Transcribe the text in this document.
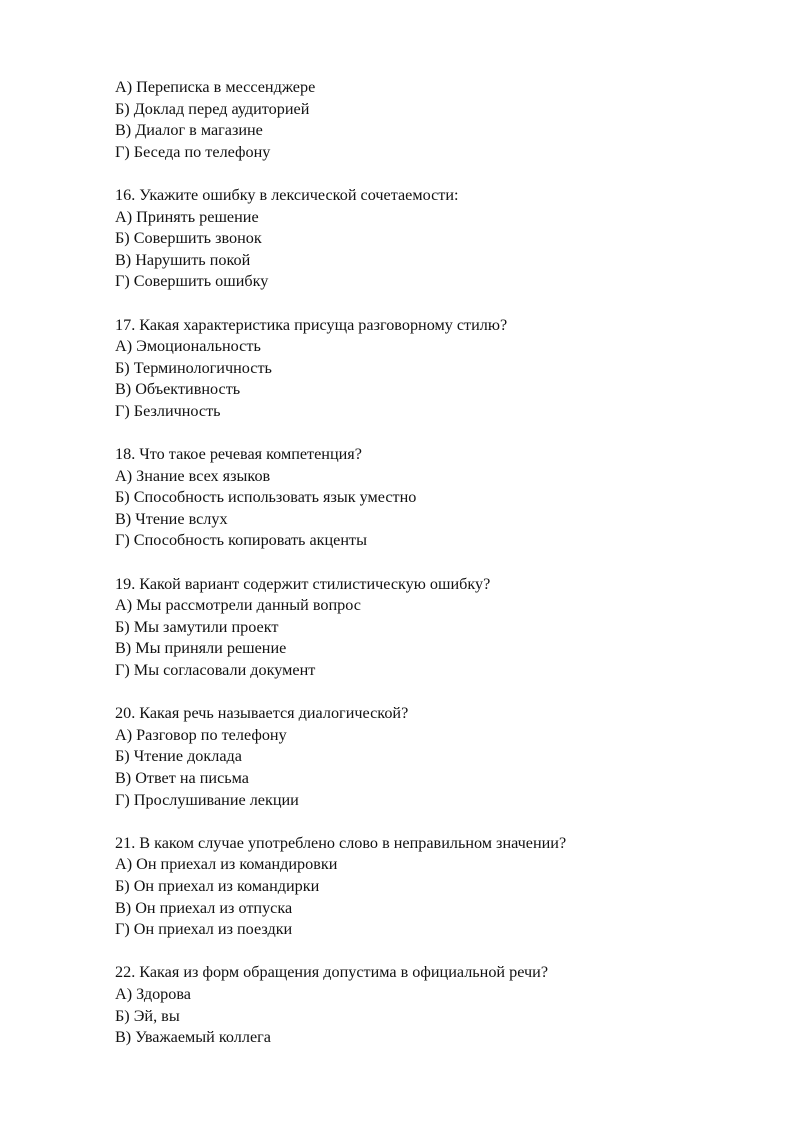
А) Переписка в мессенджере
Б) Доклад перед аудиторией
В) Диалог в магазине
Г) Беседа по телефону
16. Укажите ошибку в лексической сочетаемости:
А) Принять решение
Б) Совершить звонок
В) Нарушить покой
Г) Совершить ошибку
17. Какая характеристика присуща разговорному стилю?
А) Эмоциональность
Б) Терминологичность
В) Объективность
Г) Безличность
18. Что такое речевая компетенция?
А) Знание всех языков
Б) Способность использовать язык уместно
В) Чтение вслух
Г) Способность копировать акценты
19. Какой вариант содержит стилистическую ошибку?
А) Мы рассмотрели данный вопрос
Б) Мы замутили проект
В) Мы приняли решение
Г) Мы согласовали документ
20. Какая речь называется диалогической?
А) Разговор по телефону
Б) Чтение доклада
В) Ответ на письма
Г) Прослушивание лекции
21. В каком случае употреблено слово в неправильном значении?
А) Он приехал из командировки
Б) Он приехал из командирки
В) Он приехал из отпуска
Г) Он приехал из поездки
22. Какая из форм обращения допустима в официальной речи?
А) Здорова
Б) Эй, вы
В) Уважаемый коллега
